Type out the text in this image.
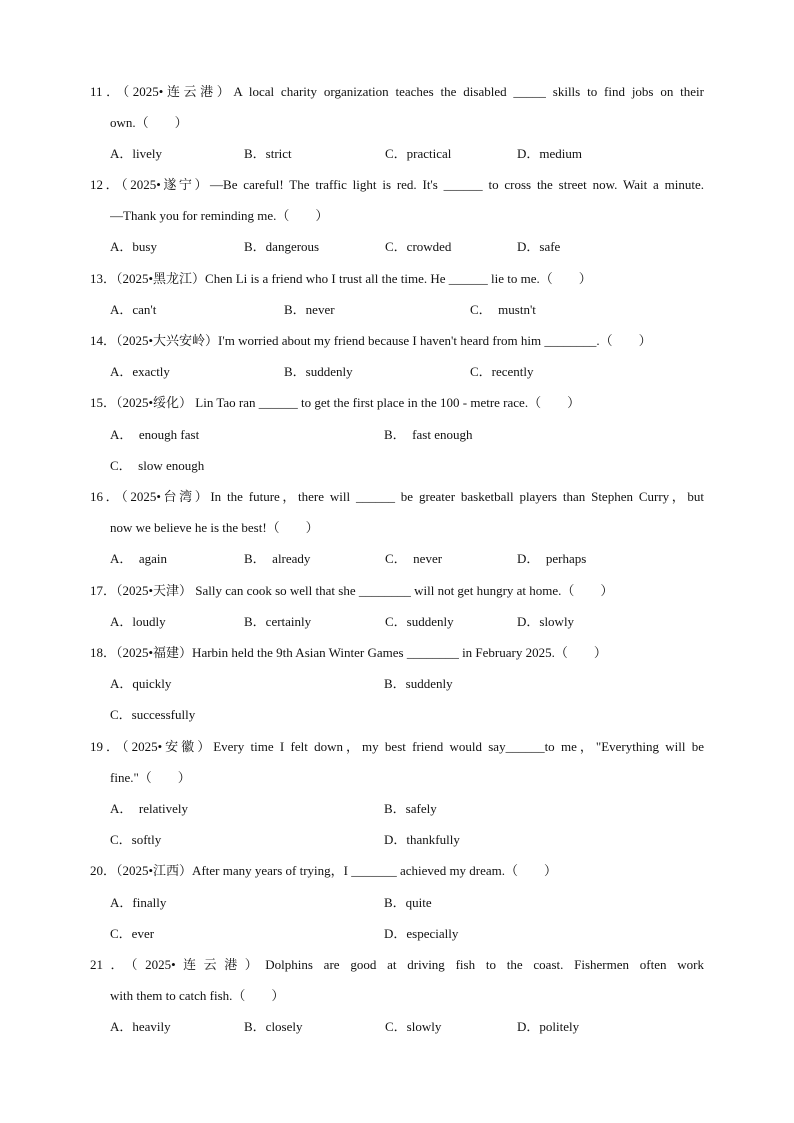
11．（2025•连云港）A local charity organization teaches the disabled _____ skills to find jobs on their
own.（　　）
A．lively	B．strict	C．practical	D．medium
12．（2025•遂宁）—Be careful! The traffic light is red. It's ______ to cross the street now. Wait a minute.
—Thank you for reminding me.（　　）
A．busy	B．dangerous	C．crowded	D．safe
13．（2025•黑龙江）Chen Li is a friend who I trust all the time. He ______ lie to me.（　　）
A．can't	B．never	C．　mustn't
14．（2025•大兴安岭）I'm worried about my friend because I haven't heard from him ________.（　　）
A．exactly	B．suddenly	C．recently
15．（2025•绥化） Lin Tao ran ______ to get the first place in the 100 - metre race.（　　）
A．　enough fast	B．　fast enough
C．　slow enough
16．（2025•台湾）In the future，there will ______ be greater basketball players than Stephen Curry，but
now we believe he is the best!（　　）
A．　again	B．　already	C．　never	D．　perhaps
17．（2025•天津） Sally can cook so well that she ________ will not get hungry at home.（　　）
A．loudly	B．certainly	C．suddenly	D．slowly
18．（2025•福建）Harbin held the 9th Asian Winter Games ________ in February 2025.（　　）
A．quickly	B．suddenly
C．successfully
19．（2025•安徽）Every time I felt down，my best friend would say______to me，"Everything will be
fine."（　　）
A．　relatively	B．safely
C．softly	D．thankfully
20．（2025•江西）After many years of trying，I _______ achieved my dream.（　　）
A．finally	B．quite
C．ever	D．especially
21．（2025•连云港）Dolphins are good at driving fish to the coast. Fishermen often work
with them to catch fish.（　　）
A．heavily	B．closely	C．slowly	D．politely
